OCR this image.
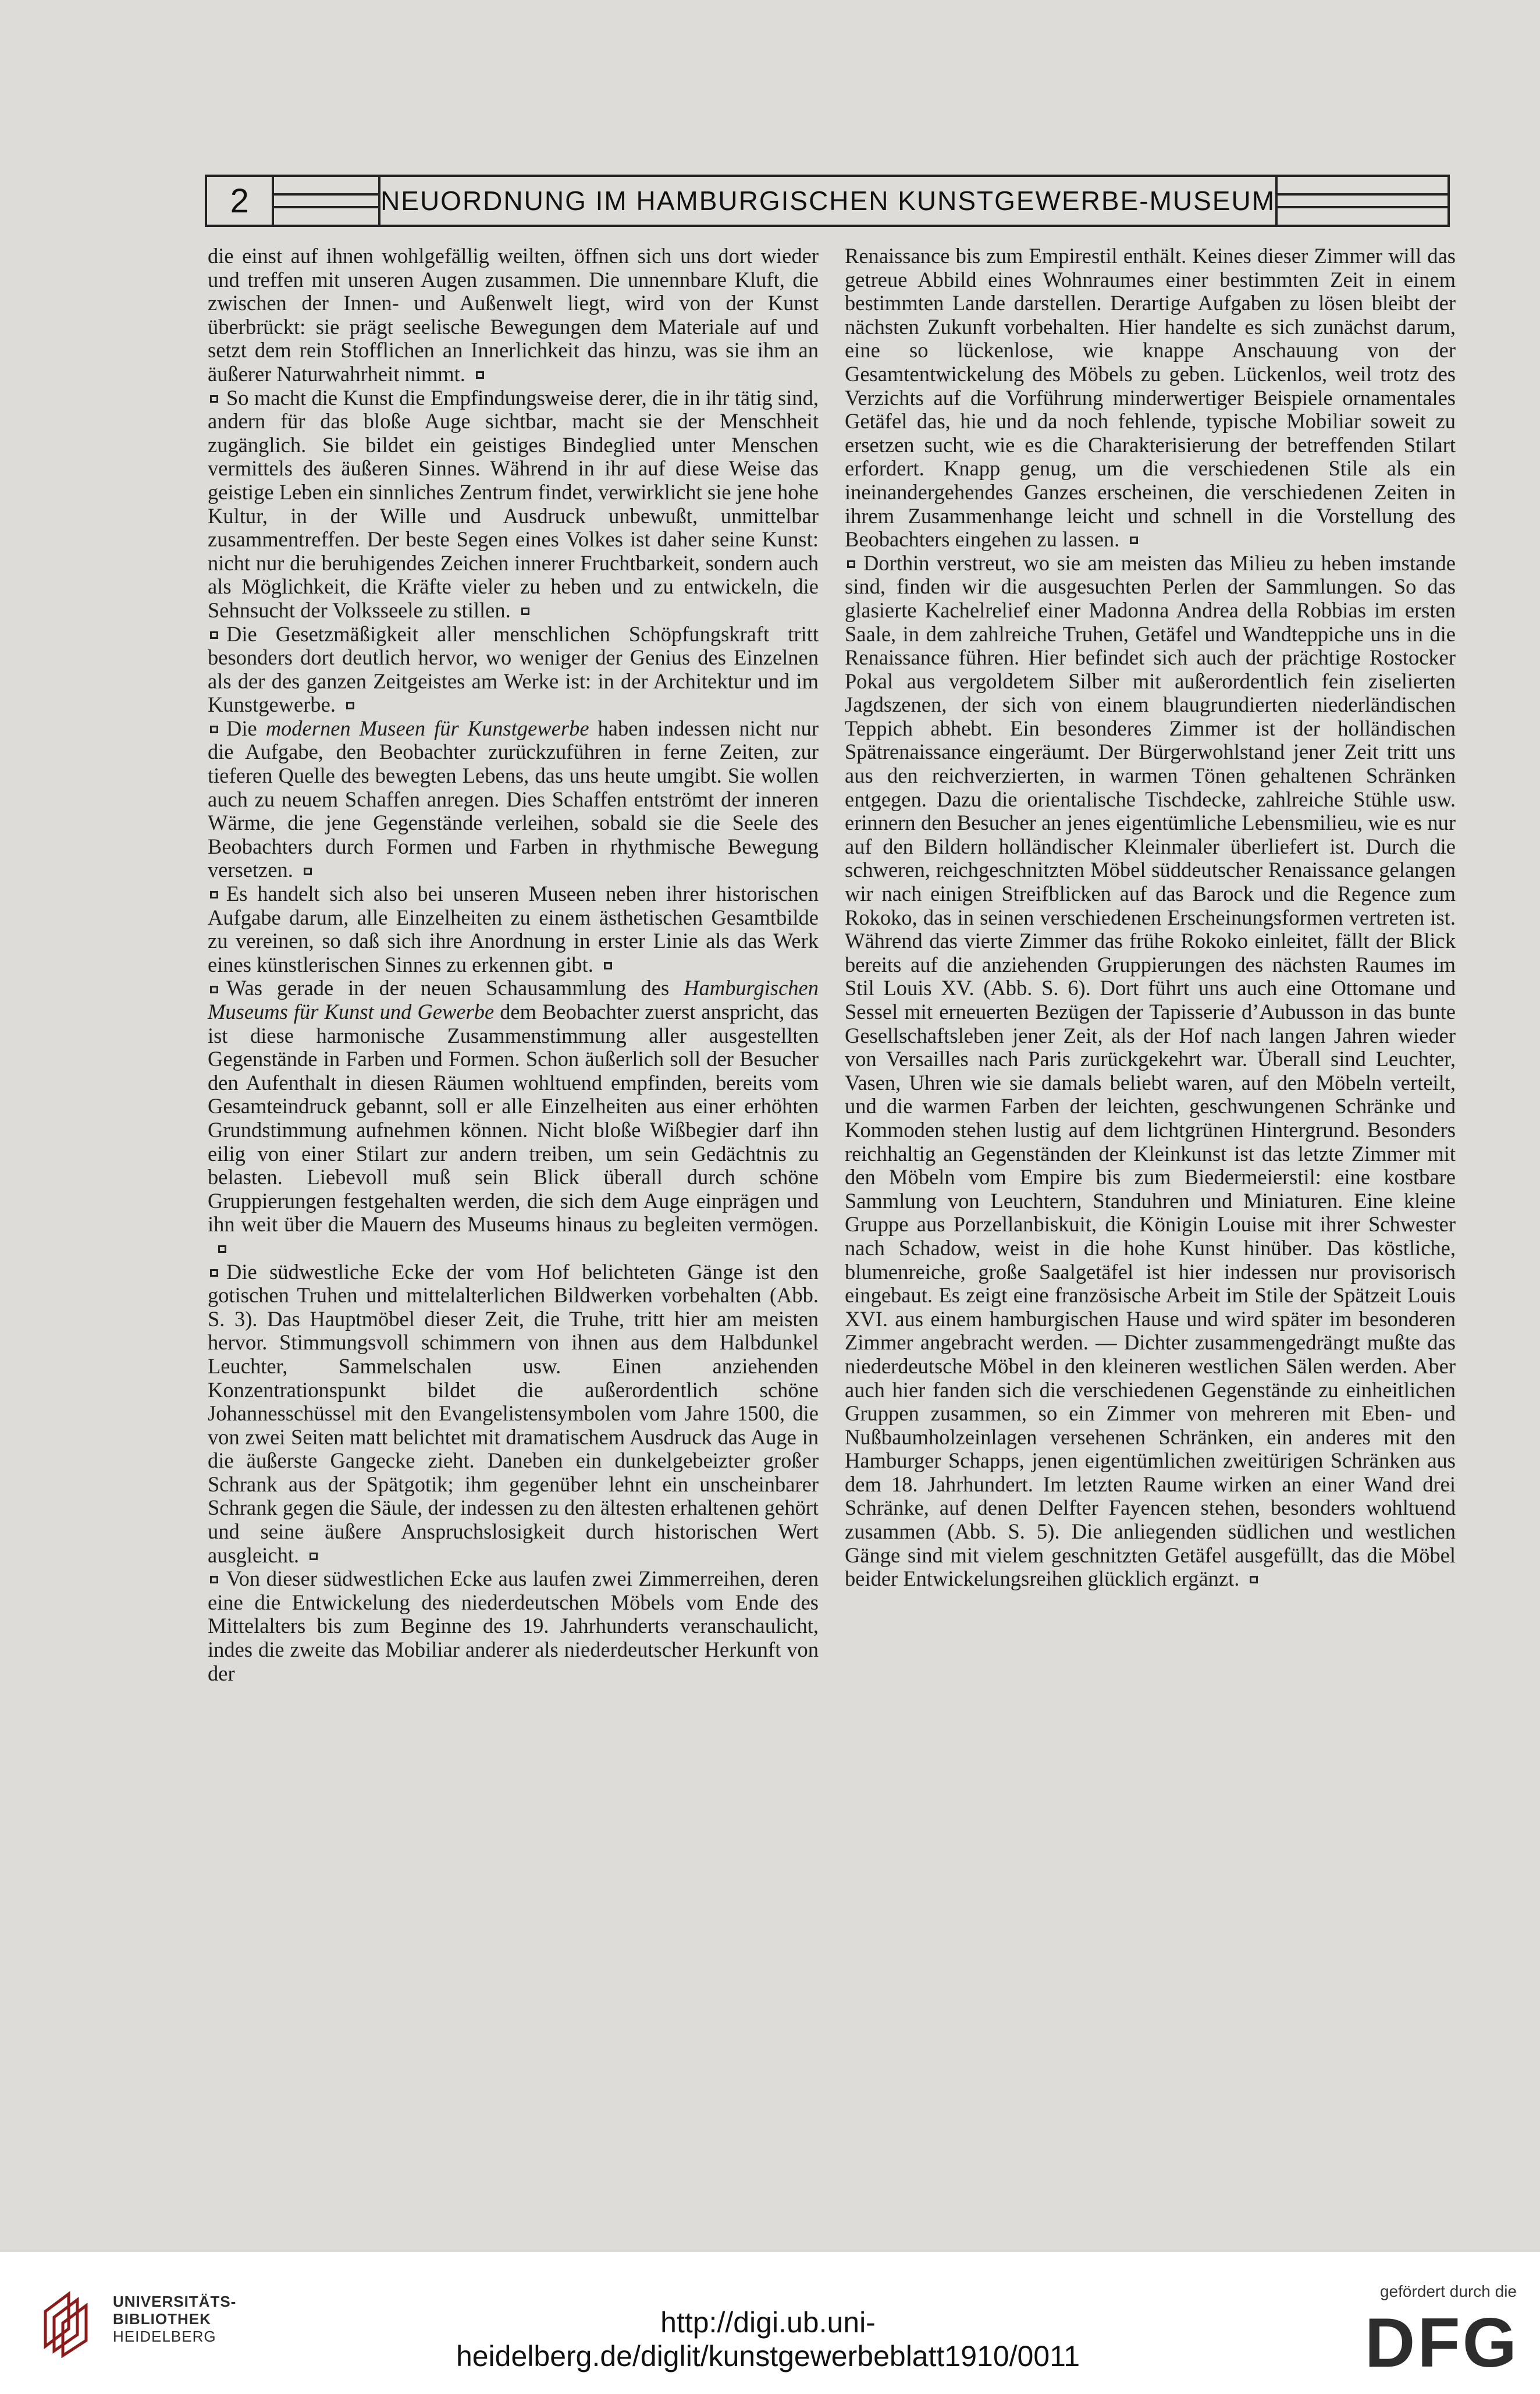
2	NEUORDNUNG IM HAMBURGISCHEN KUNSTGEWERBE-MUSEUM

die einst auf ihnen wohlgefällig weilten, öffnen sich uns dort wieder und treffen mit unseren Augen zusammen. Die unnennbare Kluft, die zwischen der Innen- und Außenwelt liegt, wird von der Kunst überbrückt: sie prägt seelische Bewegungen dem Materiale auf und setzt dem rein Stofflichen an Innerlichkeit das hinzu, was sie ihm an äußerer Naturwahrheit nimmt.

So macht die Kunst die Empfindungsweise derer, die in ihr tätig sind, andern für das bloße Auge sichtbar, macht sie der Menschheit zugänglich. Sie bildet ein geistiges Bindeglied unter Menschen vermittels des äußeren Sinnes. Während in ihr auf diese Weise das geistige Leben ein sinnliches Zentrum findet, verwirklicht sie jene hohe Kultur, in der Wille und Ausdruck unbewußt, unmittelbar zusammentreffen. Der beste Segen eines Volkes ist daher seine Kunst: nicht nur die beruhigendes Zeichen innerer Fruchtbarkeit, sondern auch als Möglichkeit, die Kräfte vieler zu heben und zu entwickeln, die Sehnsucht der Volksseele zu stillen.

Die Gesetzmäßigkeit aller menschlichen Schöpfungskraft tritt besonders dort deutlich hervor, wo weniger der Genius des Einzelnen als der des ganzen Zeitgeistes am Werke ist: in der Architektur und im Kunstgewerbe.

Die modernen Museen für Kunstgewerbe haben indessen nicht nur die Aufgabe, den Beobachter zurückzuführen in ferne Zeiten, zur tieferen Quelle des bewegten Lebens, das uns heute umgibt. Sie wollen auch zu neuem Schaffen anregen. Dies Schaffen entströmt der inneren Wärme, die jene Gegenstände verleihen, sobald sie die Seele des Beobachters durch Formen und Farben in rhythmische Bewegung versetzen.

Es handelt sich also bei unseren Museen neben ihrer historischen Aufgabe darum, alle Einzelheiten zu einem ästhetischen Gesamtbilde zu vereinen, so daß sich ihre Anordnung in erster Linie als das Werk eines künstlerischen Sinnes zu erkennen gibt.

Was gerade in der neuen Schausammlung des Hamburgischen Museums für Kunst und Gewerbe dem Beobachter zuerst anspricht, das ist diese harmonische Zusammenstimmung aller ausgestellten Gegenstände in Farben und Formen. Schon äußerlich soll der Besucher den Aufenthalt in diesen Räumen wohltuend empfinden, bereits vom Gesamteindruck gebannt, soll er alle Einzelheiten aus einer erhöhten Grundstimmung aufnehmen können. Nicht bloße Wißbegier darf ihn eilig von einer Stilart zur andern treiben, um sein Gedächtnis zu belasten. Liebevoll muß sein Blick überall durch schöne Gruppierungen festgehalten werden, die sich dem Auge einprägen und ihn weit über die Mauern des Museums hinaus zu begleiten vermögen.

Die südwestliche Ecke der vom Hof belichteten Gänge ist den gotischen Truhen und mittelalterlichen Bildwerken vorbehalten (Abb. S. 3). Das Hauptmöbel dieser Zeit, die Truhe, tritt hier am meisten hervor. Stimmungsvoll schimmern von ihnen aus dem Halbdunkel Leuchter, Sammelschalen usw. Einen anziehenden Konzentrationspunkt bildet die außerordentlich schöne Johannesschüssel mit den Evangelistensymbolen vom Jahre 1500, die von zwei Seiten matt belichtet mit dramatischem Ausdruck das Auge in die äußerste Gangecke zieht. Daneben ein dunkelgebeizter großer Schrank aus der Spätgotik; ihm gegenüber lehnt ein unscheinbarer Schrank gegen die Säule, der indessen zu den ältesten erhaltenen gehört und seine äußere Anspruchslosigkeit durch historischen Wert ausgleicht.

Von dieser südwestlichen Ecke aus laufen zwei Zimmerreihen, deren eine die Entwickelung des niederdeutschen Möbels vom Ende des Mittelalters bis zum Beginne des 19. Jahrhunderts veranschaulicht, indes die zweite das Mobiliar anderer als niederdeutscher Herkunft von der

Renaissance bis zum Empirestil enthält. Keines dieser Zimmer will das getreue Abbild eines Wohnraumes einer bestimmten Zeit in einem bestimmten Lande darstellen. Derartige Aufgaben zu lösen bleibt der nächsten Zukunft vorbehalten. Hier handelte es sich zunächst darum, eine so lückenlose, wie knappe Anschauung von der Gesamtentwickelung des Möbels zu geben. Lückenlos, weil trotz des Verzichts auf die Vorführung minderwertiger Beispiele ornamentales Getäfel das, hie und da noch fehlende, typische Mobiliar soweit zu ersetzen sucht, wie es die Charakterisierung der betreffenden Stilart erfordert. Knapp genug, um die verschiedenen Stile als ein ineinandergehendes Ganzes erscheinen, die verschiedenen Zeiten in ihrem Zusammenhange leicht und schnell in die Vorstellung des Beobachters eingehen zu lassen.

Dorthin verstreut, wo sie am meisten das Milieu zu heben imstande sind, finden wir die ausgesuchten Perlen der Sammlungen. So das glasierte Kachelrelief einer Madonna Andrea della Robbias im ersten Saale, in dem zahlreiche Truhen, Getäfel und Wandteppiche uns in die Renaissance führen. Hier befindet sich auch der prächtige Rostocker Pokal aus vergoldetem Silber mit außerordentlich fein ziselierten Jagdszenen, der sich von einem blaugrundierten niederländischen Teppich abhebt. Ein besonderes Zimmer ist der holländischen Spätrenaissance eingeräumt. Der Bürgerwohlstand jener Zeit tritt uns aus den reichverzierten, in warmen Tönen gehaltenen Schränken entgegen. Dazu die orientalische Tischdecke, zahlreiche Stühle usw. erinnern den Besucher an jenes eigentümliche Lebensmilieu, wie es nur auf den Bildern holländischer Kleinmaler überliefert ist. Durch die schweren, reichgeschnitzten Möbel süddeutscher Renaissance gelangen wir nach einigen Streifblicken auf das Barock und die Regence zum Rokoko, das in seinen verschiedenen Erscheinungsformen vertreten ist. Während das vierte Zimmer das frühe Rokoko einleitet, fällt der Blick bereits auf die anziehenden Gruppierungen des nächsten Raumes im Stil Louis XV. (Abb. S. 6). Dort führt uns auch eine Ottomane und Sessel mit erneuerten Bezügen der Tapisserie d’Aubusson in das bunte Gesellschaftsleben jener Zeit, als der Hof nach langen Jahren wieder von Versailles nach Paris zurückgekehrt war. Überall sind Leuchter, Vasen, Uhren wie sie damals beliebt waren, auf den Möbeln verteilt, und die warmen Farben der leichten, geschwungenen Schränke und Kommoden stehen lustig auf dem lichtgrünen Hintergrund. Besonders reichhaltig an Gegenständen der Kleinkunst ist das letzte Zimmer mit den Möbeln vom Empire bis zum Biedermeierstil: eine kostbare Sammlung von Leuchtern, Standuhren und Miniaturen. Eine kleine Gruppe aus Porzellanbiskuit, die Königin Louise mit ihrer Schwester nach Schadow, weist in die hohe Kunst hinüber. Das köstliche, blumenreiche, große Saalgetäfel ist hier indessen nur provisorisch eingebaut. Es zeigt eine französische Arbeit im Stile der Spätzeit Louis XVI. aus einem hamburgischen Hause und wird später im besonderen Zimmer angebracht werden. — Dichter zusammengedrängt mußte das niederdeutsche Möbel in den kleineren westlichen Sälen werden. Aber auch hier fanden sich die verschiedenen Gegenstände zu einheitlichen Gruppen zusammen, so ein Zimmer von mehreren mit Eben- und Nußbaumholzeinlagen versehenen Schränken, ein anderes mit den Hamburger Schapps, jenen eigentümlichen zweitürigen Schränken aus dem 18. Jahrhundert. Im letzten Raume wirken an einer Wand drei Schränke, auf denen Delfter Fayencen stehen, besonders wohltuend zusammen (Abb. S. 5). Die anliegenden südlichen und westlichen Gänge sind mit vielem geschnitzten Getäfel ausgefüllt, das die Möbel beider Entwickelungsreihen glücklich ergänzt.

UNIVERSITÄTS-
BIBLIOTHEK
HEIDELBERG	http://digi.ub.uni-heidelberg.de/diglit/kunstgewerbeblatt1910/0011
gefördert durch die
DFG
